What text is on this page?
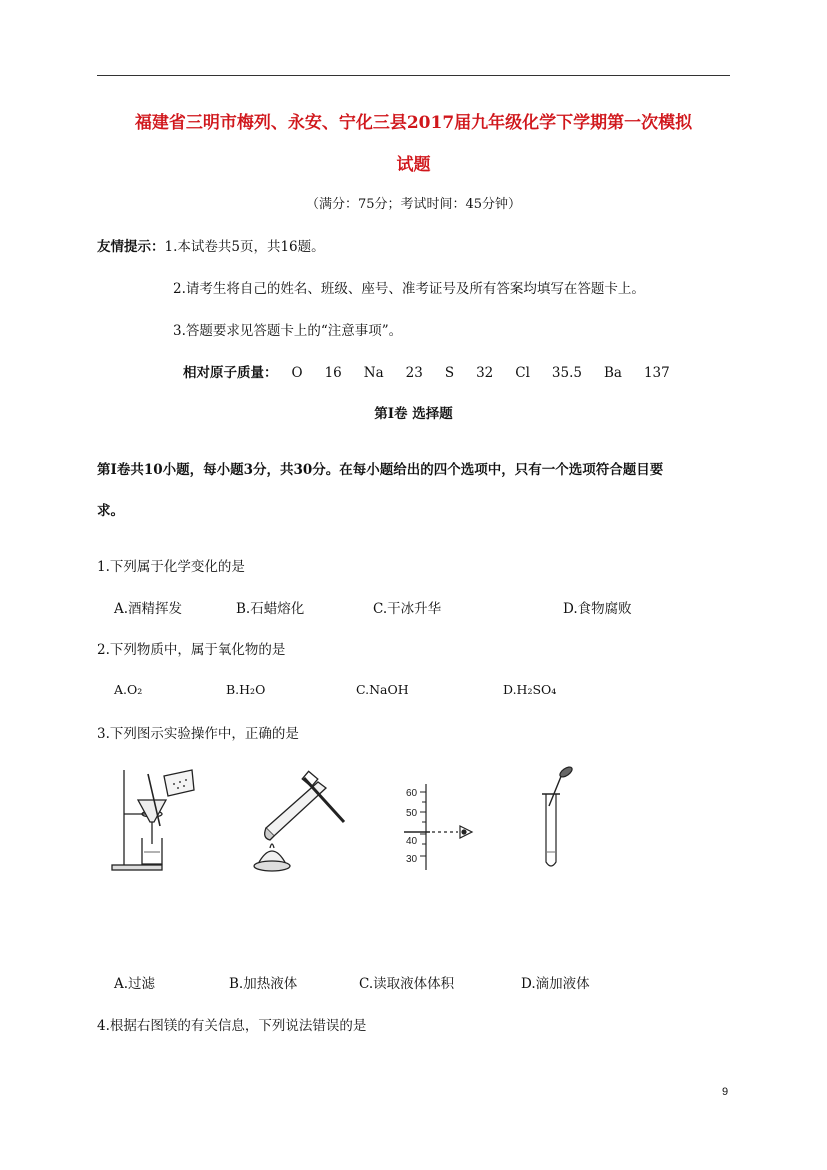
福建省三明市梅列、永安、宁化三县2017届九年级化学下学期第一次模拟
试题
（满分：75分；考试时间：45分钟）
友情提示：1.本试卷共5页，共16题。
2.请考生将自己的姓名、班级、座号、准考证号及所有答案均填写在答题卡上。
3.答题要求见答题卡上的“注意事项”。
相对原子质量： O 16 Na 23 S 32 Cl 35.5 Ba 137
第Ⅰ卷 选择题
第Ⅰ卷共10小题，每小题3分，共30分。在每小题给出的四个选项中，只有一个选项符合题目要
求。
1.下列属于化学变化的是
A.酒精挥发	B.石蜡熔化	C.干冰升华	D.食物腐败
2.下列物质中，属于氧化物的是
A.O₂	B.H₂O	C.NaOH	D.H₂SO₄
3.下列图示实验操作中，正确的是
60
50
40
30
A.过滤	B.加热液体	C.读取液体体积	D.滴加液体
4.根据右图镁的有关信息，下列说法错误的是
9
